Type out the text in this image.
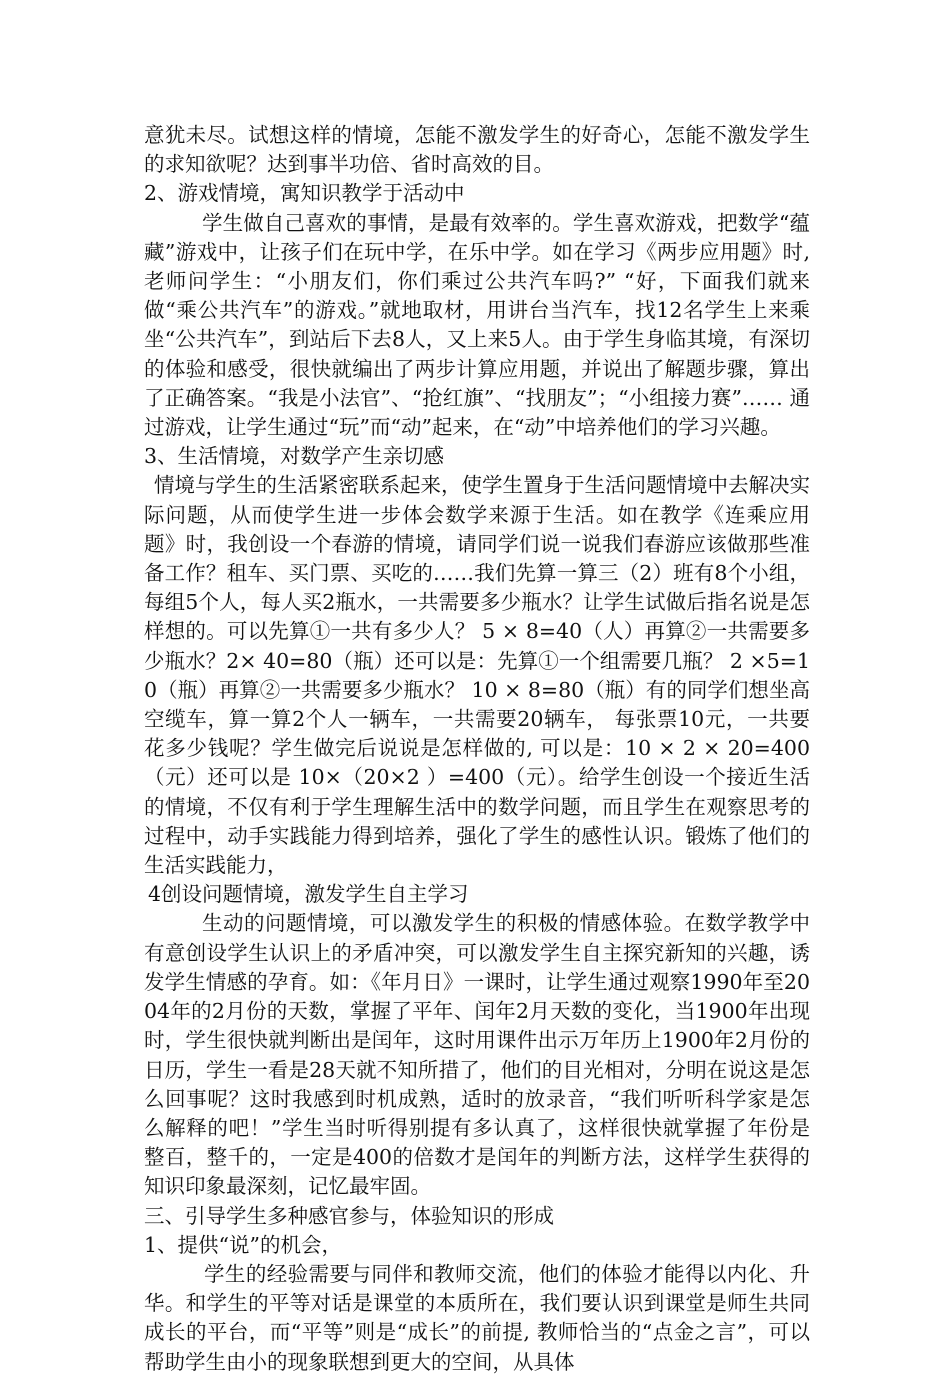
意犹未尽。试想这样的情境，怎能不激发学生的好奇心，怎能不激发学生的求知欲呢？达到事半功倍、省时高效的目。

2、游戏情境，寓知识教学于活动中

学生做自己喜欢的事情，是最有效率的。学生喜欢游戏，把数学“蕴藏”游戏中，让孩子们在玩中学，在乐中学。如在学习《两步应用题》时,老师问学生：“小朋友们，你们乘过公共汽车吗?” “好，下面我们就来做“乘公共汽车”的游戏。”就地取材，用讲台当汽车，找12名学生上来乘坐“公共汽车”，到站后下去8人，又上来5人。由于学生身临其境，有深切的体验和感受，很快就编出了两步计算应用题，并说出了解题步骤，算出了正确答案。“我是小法官”、“抢红旗”、“找朋友”；“小组接力赛”…… 通过游戏，让学生通过“玩”而“动”起来，在“动”中培养他们的学习兴趣。

3、生活情境，对数学产生亲切感

情境与学生的生活紧密联系起来，使学生置身于生活问题情境中去解决实际问题，从而使学生进一步体会数学来源于生活。如在教学《连乘应用题》时，我创设一个春游的情境，请同学们说一说我们春游应该做那些准备工作？租车、买门票、买吃的……我们先算一算三（2）班有8个小组，每组5个人，每人买2瓶水，一共需要多少瓶水？让学生试做后指名说是怎样想的。可以先算①一共有多少人？ 5 × 8=40（人）再算②一共需要多少瓶水？2× 40=80（瓶）还可以是：先算①一个组需要几瓶？ 2 ×5=10（瓶）再算②一共需要多少瓶水？ 10 × 8=80（瓶）有的同学们想坐高空缆车，算一算2个人一辆车，一共需要20辆车， 每张票10元，一共要花多少钱呢？学生做完后说说是怎样做的, 可以是：10 × 2 × 20=400（元）还可以是 10×（20×2 ）=400（元）。给学生创设一个接近生活的情境，不仅有利于学生理解生活中的数学问题，而且学生在观察思考的过程中，动手实践能力得到培养，强化了学生的感性认识。锻炼了他们的生活实践能力，

4创设问题情境，激发学生自主学习

生动的问题情境，可以激发学生的积极的情感体验。在数学教学中有意创设学生认识上的矛盾冲突，可以激发学生自主探究新知的兴趣，诱发学生情感的孕育。如：《年月日》一课时，让学生通过观察1990年至2004年的2月份的天数，掌握了平年、闰年2月天数的变化，当1900年出现时，学生很快就判断出是闰年，这时用课件出示万年历上1900年2月份的日历，学生一看是28天就不知所措了，他们的目光相对，分明在说这是怎么回事呢？这时我感到时机成熟，适时的放录音，“我们听听科学家是怎么解释的吧！”学生当时听得别提有多认真了，这样很快就掌握了年份是整百，整千的，一定是400的倍数才是闰年的判断方法，这样学生获得的知识印象最深刻，记忆最牢固。

三、引导学生多种感官参与，体验知识的形成

1、提供“说”的机会，

学生的经验需要与同伴和教师交流，他们的体验才能得以内化、升华。和学生的平等对话是课堂的本质所在，我们要认识到课堂是师生共同成长的平台，而“平等”则是“成长”的前提, 教师恰当的“点金之言”，可以帮助学生由小的现象联想到更大的空间，从具体
